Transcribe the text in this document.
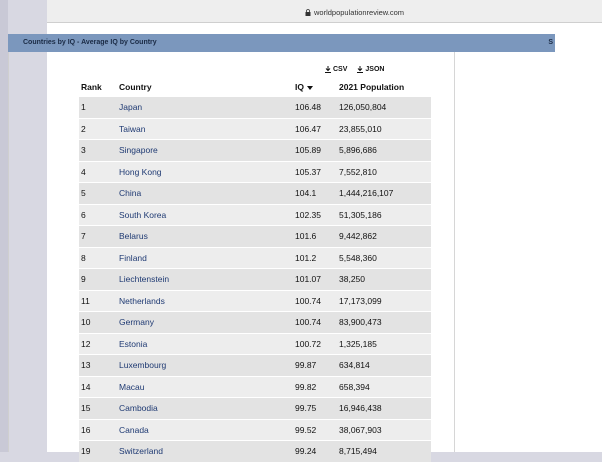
worldpopulationreview.com
Countries by IQ - Average IQ by Country	S
CSV	JSON
Rank	Country	IQ	2021 Population
1	Japan	106.48	126,050,804
2	Taiwan	106.47	23,855,010
3	Singapore	105.89	5,896,686
4	Hong Kong	105.37	7,552,810
5	China	104.1	1,444,216,107
6	South Korea	102.35	51,305,186
7	Belarus	101.6	9,442,862
8	Finland	101.2	5,548,360
9	Liechtenstein	101.07	38,250
11	Netherlands	100.74	17,173,099
10	Germany	100.74	83,900,473
12	Estonia	100.72	1,325,185
13	Luxembourg	99.87	634,814
14	Macau	99.82	658,394
15	Cambodia	99.75	16,946,438
16	Canada	99.52	38,067,903
19	Switzerland	99.24	8,715,494
